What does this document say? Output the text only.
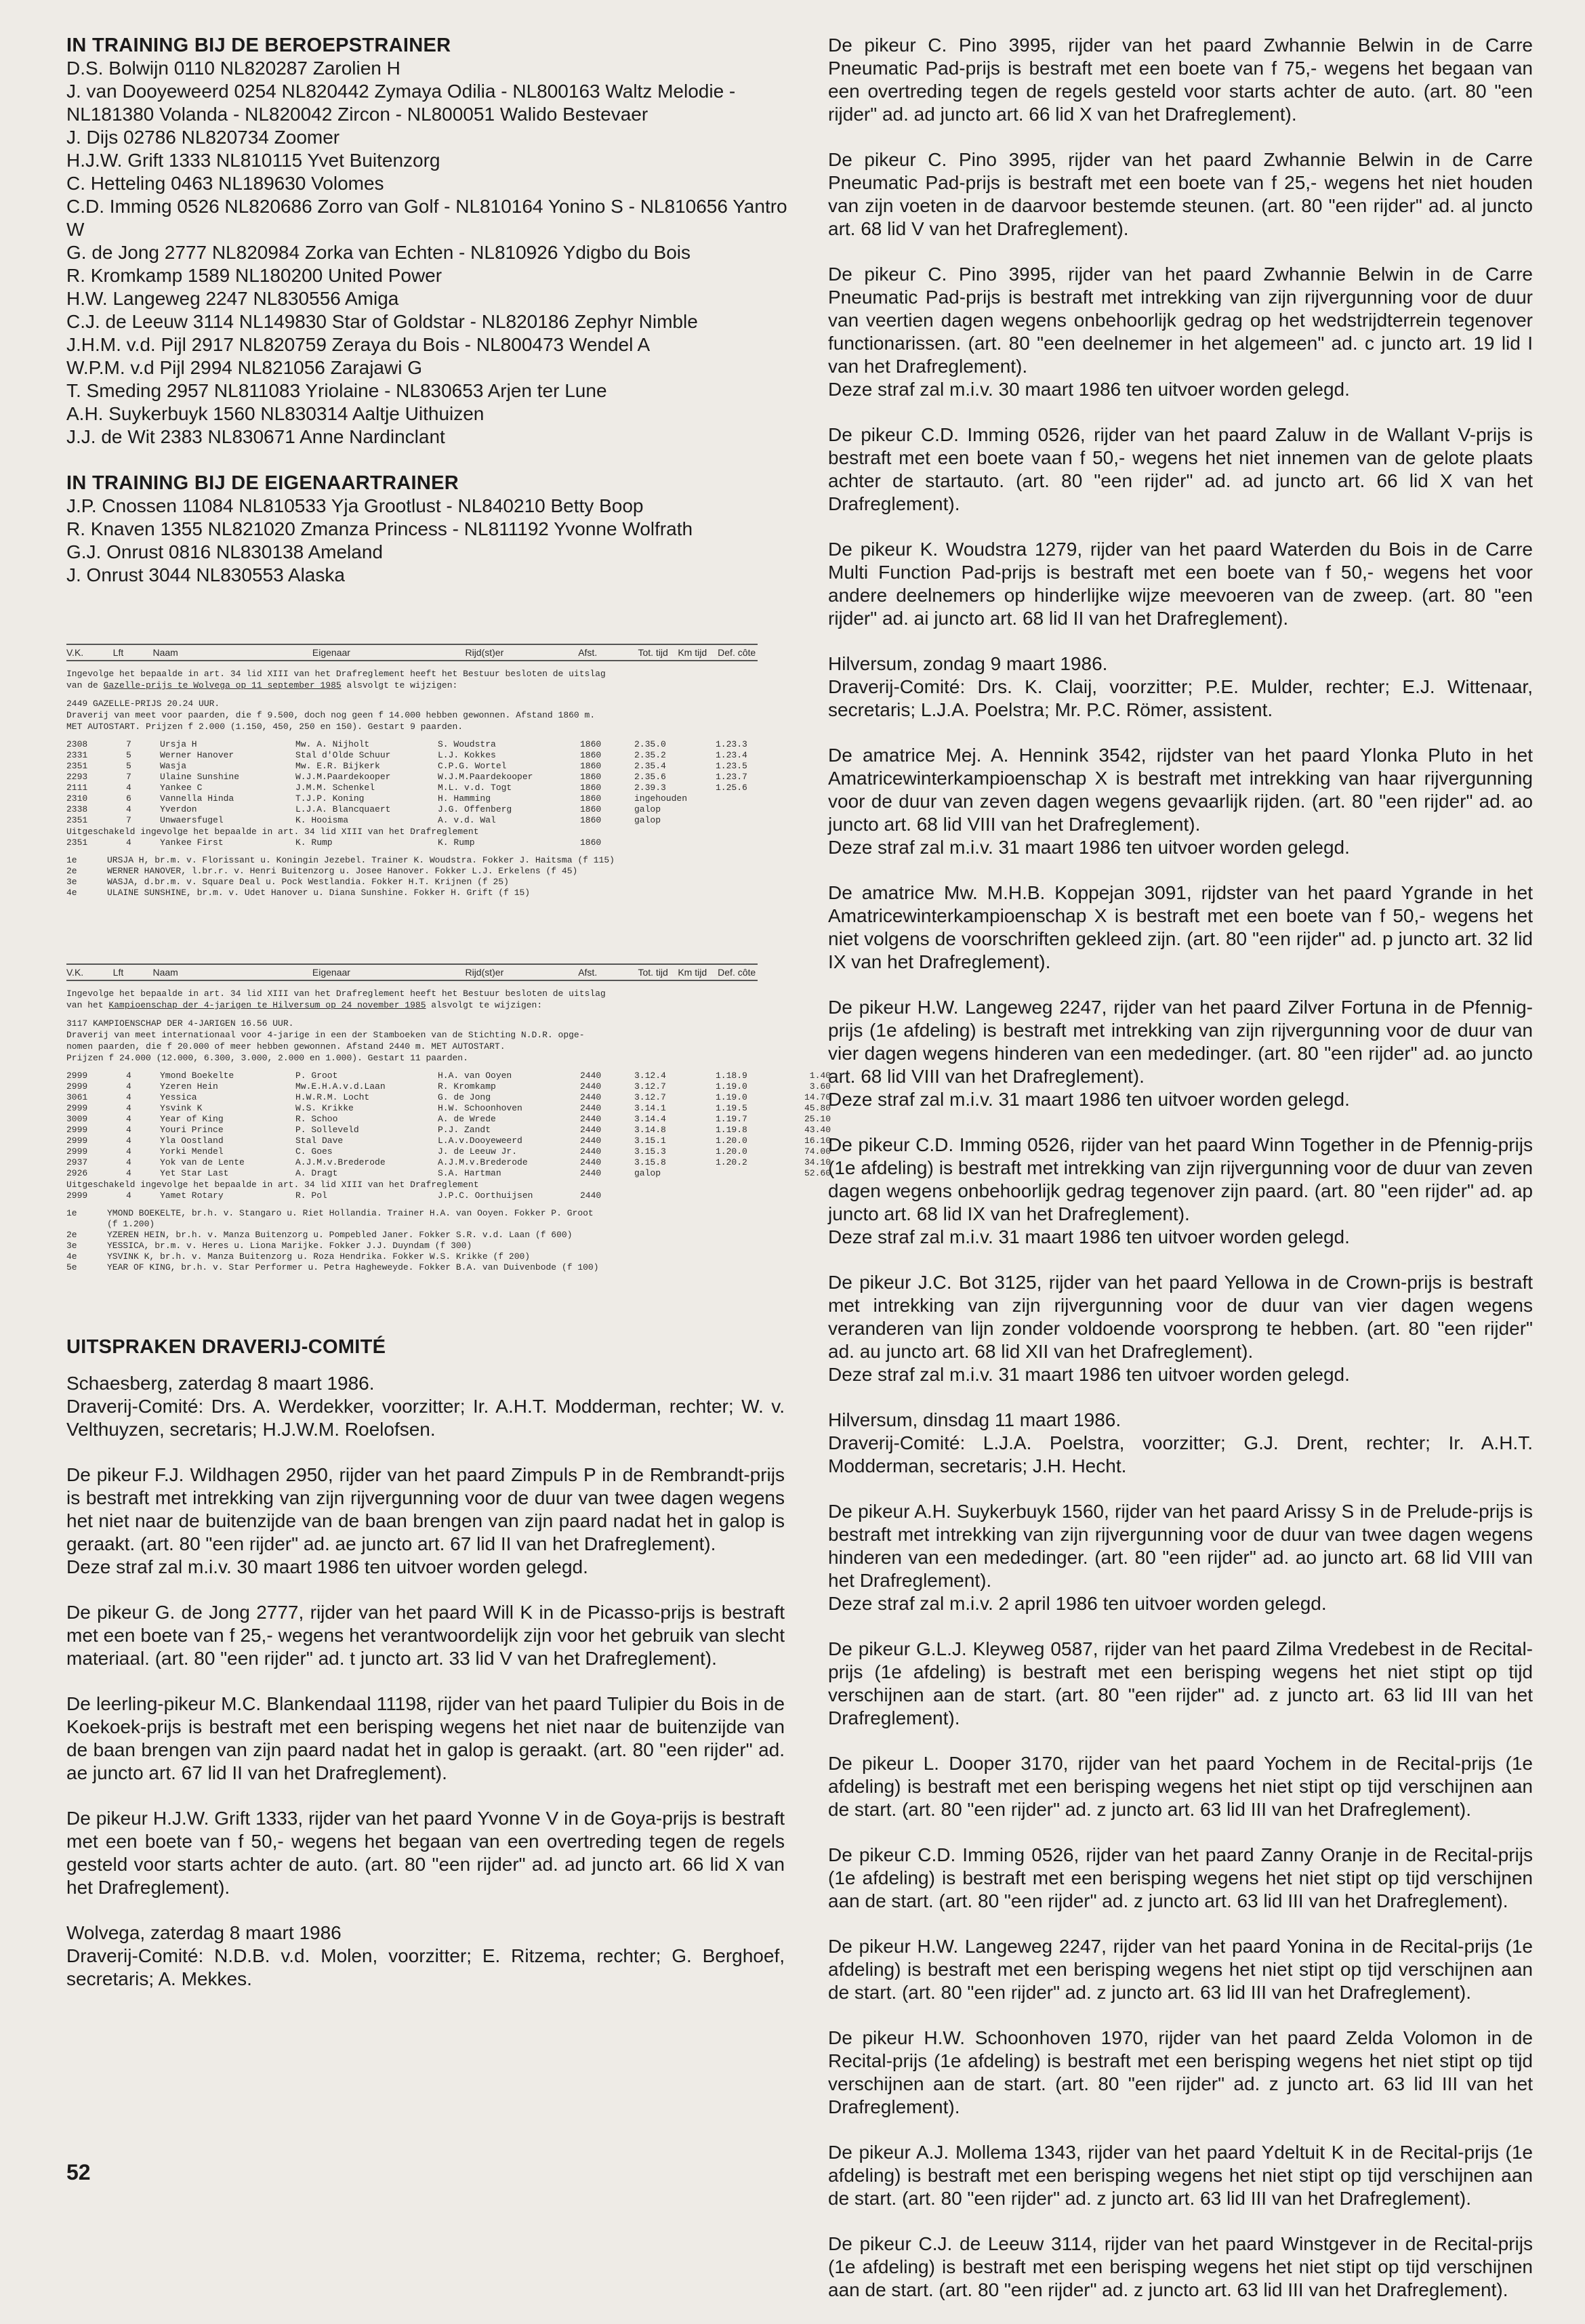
IN TRAINING BIJ DE BEROEPSTRAINER
D.S. Bolwijn 0110 NL820287 Zarolien H
J. van Dooyeweerd 0254 NL820442 Zymaya Odilia - NL800163 Waltz Melodie -
NL181380 Volanda - NL820042 Zircon - NL800051 Walido Bestevaer
J. Dijs 02786 NL820734 Zoomer
H.J.W. Grift 1333 NL810115 Yvet Buitenzorg
C. Hetteling 0463 NL189630 Volomes
C.D. Imming 0526 NL820686 Zorro van Golf - NL810164 Yonino S - NL810656 Yantro
W
G. de Jong 2777 NL820984 Zorka van Echten - NL810926 Ydigbo du Bois
R. Kromkamp 1589 NL180200 United Power
H.W. Langeweg 2247 NL830556 Amiga
C.J. de Leeuw 3114 NL149830 Star of Goldstar - NL820186 Zephyr Nimble
J.H.M. v.d. Pijl 2917 NL820759 Zeraya du Bois - NL800473 Wendel A
W.P.M. v.d Pijl 2994 NL821056 Zarajawi G
T. Smeding 2957 NL811083 Yriolaine - NL830653 Arjen ter Lune
A.H. Suykerbuyk 1560 NL830314 Aaltje Uithuizen
J.J. de Wit 2383 NL830671 Anne Nardinclant
IN TRAINING BIJ DE EIGENAARTRAINER
J.P. Cnossen 11084 NL810533 Yja Grootlust - NL840210 Betty Boop
R. Knaven 1355 NL821020 Zmanza Princess - NL811192 Yvonne Wolfrath
G.J. Onrust 0816 NL830138 Ameland
J. Onrust 3044 NL830553 Alaska
V.K.	Lft	Naam	Eigenaar	Rijd(st)er	Afst.	Tot. tijd	Km tijd	Def. côte

Ingevolge het bepaalde in art. 34 lid XIII van het Drafreglement heeft het Bestuur besloten de uitslag

van de Gazelle-prijs te Wolvega op 11 september 1985 alsvolgt te wijzigen:

2449 GAZELLE-PRIJS 20.24 UUR.

Draverij van meet voor paarden, die f 9.500, doch nog geen f 14.000 hebben gewonnen. Afstand 1860 m.

MET AUTOSTART. Prijzen f 2.000 (1.150, 450, 250 en 150). Gestart 9 paarden.

2308	7	Ursja H	Mw. A. Nijholt	S. Woudstra	1860	2.35.0	1.23.3
2331	5	Werner Hanover	Stal d'Olde Schuur	L.J. Kokkes	1860	2.35.2	1.23.4
2351	5	Wasja	Mw. E.R. Bijkerk	C.P.G. Wortel	1860	2.35.4	1.23.5
2293	7	Ulaine Sunshine	W.J.M.Paardekooper	W.J.M.Paardekooper	1860	2.35.6	1.23.7
2111	4	Yankee C	J.M.M. Schenkel	M.L. v.d. Togt	1860	2.39.3	1.25.6
2310	6	Vannella Hinda	T.J.P. Koning	H. Hamming	1860	ingehouden
2338	4	Yverdon	L.J.A. Blancquaert	J.G. Offenberg	1860	galop
2351	7	Unwaersfugel	K. Hooisma	A. v.d. Wal	1860	galop

Uitgeschakeld ingevolge het bepaalde in art. 34 lid XIII van het Drafreglement

2351	4	Yankee First	K. Rump	K. Rump	1860
1e	URSJA H, br.m. v. Florissant u. Koningin Jezebel. Trainer K. Woudstra. Fokker J. Haitsma (f 115)
2e	WERNER HANOVER, l.br.r. v. Henri Buitenzorg u. Josee Hanover. Fokker L.J. Erkelens (f 45)
3e	WASJA, d.br.m. v. Square Deal u. Pock Westlandia. Fokker H.T. Krijnen (f 25)
4e	ULAINE SUNSHINE, br.m. v. Udet Hanover u. Diana Sunshine. Fokker H. Grift (f 15)
V.K.	Lft	Naam	Eigenaar	Rijd(st)er	Afst.	Tot. tijd	Km tijd	Def. côte

Ingevolge het bepaalde in art. 34 lid XIII van het Drafreglement heeft het Bestuur besloten de uitslag

van het Kampioenschap der 4-jarigen te Hilversum op 24 november 1985 alsvolgt te wijzigen:

3117 KAMPIOENSCHAP DER 4-JARIGEN 16.56 UUR.

Draverij van meet internationaal voor 4-jarige in een der Stamboeken van de Stichting N.D.R. opge-

nomen paarden, die f 20.000 of meer hebben gewonnen. Afstand 2440 m. MET AUTOSTART.

Prijzen f 24.000 (12.000, 6.300, 3.000, 2.000 en 1.000). Gestart 11 paarden.

2999	4	Ymond Boekelte	P. Groot	H.A. van Ooyen	2440	3.12.4	1.18.9	1.40
2999	4	Yzeren Hein	Mw.E.H.A.v.d.Laan	R. Kromkamp	2440	3.12.7	1.19.0	3.60
3061	4	Yessica	H.W.R.M. Locht	G. de Jong	2440	3.12.7	1.19.0	14.70
2999	4	Ysvink K	W.S. Krikke	H.W. Schoonhoven	2440	3.14.1	1.19.5	45.80
3009	4	Year of King	R. Schoo	A. de Wrede	2440	3.14.4	1.19.7	25.10
2999	4	Youri Prince	P. Solleveld	P.J. Zandt	2440	3.14.8	1.19.8	43.40
2999	4	Yla Oostland	Stal Dave	L.A.v.Dooyeweerd	2440	3.15.1	1.20.0	16.10
2999	4	Yorki Mendel	C. Goes	J. de Leeuw Jr.	2440	3.15.3	1.20.0	74.00
2937	4	Yok van de Lente	A.J.M.v.Brederode	A.J.M.v.Brederode	2440	3.15.8	1.20.2	34.10
2926	4	Yet Star Last	A. Dragt	S.A. Hartman	2440	galop	52.60

Uitgeschakeld ingevolge het bepaalde in art. 34 lid XIII van het Drafreglement

2999	4	Yamet Rotary	R. Pol	J.P.C. Oorthuijsen	2440
1e	YMOND BOEKELTE, br.h. v. Stangaro u. Riet Hollandia. Trainer H.A. van Ooyen. Fokker P. Groot
(f 1.200)
2e	YZEREN HEIN, br.h. v. Manza Buitenzorg u. Pompebled Janer. Fokker S.R. v.d. Laan (f 600)
3e	YESSICA, br.m. v. Heres u. Liona Marijke. Fokker J.J. Duyndam (f 300)
4e	YSVINK K, br.h. v. Manza Buitenzorg u. Roza Hendrika. Fokker W.S. Krikke (f 200)
5e	YEAR OF KING, br.h. v. Star Performer u. Petra Hagheweyde. Fokker B.A. van Duivenbode (f 100)
UITSPRAKEN DRAVERIJ-COMITÉ

Schaesberg, zaterdag 8 maart 1986.

Draverij-Comité: Drs. A. Werdekker, voorzitter; Ir. A.H.T. Modderman, rechter; W. v. Velthuyzen, secretaris; H.J.W.M. Roelofsen.

De pikeur F.J. Wildhagen 2950, rijder van het paard Zimpuls P in de Rembrandt-prijs is bestraft met intrekking van zijn rijvergunning voor de duur van twee dagen wegens het niet naar de buitenzijde van de baan brengen van zijn paard nadat het in galop is geraakt. (art. 80 "een rijder" ad. ae juncto art. 67 lid II van het Drafreglement).
Deze straf zal m.i.v. 30 maart 1986 ten uitvoer worden gelegd.

De pikeur G. de Jong 2777, rijder van het paard Will K in de Picasso-prijs is bestraft met een boete van f 25,- wegens het verantwoordelijk zijn voor het gebruik van slecht materiaal. (art. 80 "een rijder" ad. t juncto art. 33 lid V van het Drafreglement).

De leerling-pikeur M.C. Blankendaal 11198, rijder van het paard Tulipier du Bois in de Koekoek-prijs is bestraft met een berisping wegens het niet naar de buitenzijde van de baan brengen van zijn paard nadat het in galop is geraakt. (art. 80 "een rijder" ad. ae juncto art. 67 lid II van het Drafreglement).

De pikeur H.J.W. Grift 1333, rijder van het paard Yvonne V in de Goya-prijs is bestraft met een boete van f 50,- wegens het begaan van een overtreding tegen de regels gesteld voor starts achter de auto. (art. 80 "een rijder" ad. ad juncto art. 66 lid X van het Drafreglement).

Wolvega, zaterdag 8 maart 1986

Draverij-Comité: N.D.B. v.d. Molen, voorzitter; E. Ritzema, rechter; G. Berghoef, secretaris; A. Mekkes.

De pikeur C. Pino 3995, rijder van het paard Zwhannie Belwin in de Carre Pneumatic Pad-prijs is bestraft met een boete van f 75,- wegens het begaan van een overtreding tegen de regels gesteld voor starts achter de auto. (art. 80 "een rijder" ad. ad juncto art. 66 lid X van het Drafreglement).

De pikeur C. Pino 3995, rijder van het paard Zwhannie Belwin in de Carre Pneumatic Pad-prijs is bestraft met een boete van f 25,- wegens het niet houden van zijn voeten in de daarvoor bestemde steunen. (art. 80 "een rijder" ad. al juncto art. 68 lid V van het Drafreglement).

De pikeur C. Pino 3995, rijder van het paard Zwhannie Belwin in de Carre Pneumatic Pad-prijs is bestraft met intrekking van zijn rijvergunning voor de duur van veertien dagen wegens onbehoorlijk gedrag op het wedstrijdterrein tegenover functionarissen. (art. 80 "een deelnemer in het algemeen" ad. c juncto art. 19 lid I van het Drafreglement).
Deze straf zal m.i.v. 30 maart 1986 ten uitvoer worden gelegd.

De pikeur C.D. Imming 0526, rijder van het paard Zaluw in de Wallant V-prijs is bestraft met een boete vaan f 50,- wegens het niet innemen van de gelote plaats achter de startauto. (art. 80 "een rijder" ad. ad juncto art. 66 lid X van het Drafreglement).

De pikeur K. Woudstra 1279, rijder van het paard Waterden du Bois in de Carre Multi Function Pad-prijs is bestraft met een boete van f 50,- wegens het voor andere deelnemers op hinderlijke wijze meevoeren van de zweep. (art. 80 "een rijder" ad. ai juncto art. 68 lid II van het Drafreglement).

Hilversum, zondag 9 maart 1986.

Draverij-Comité: Drs. K. Claij, voorzitter; P.E. Mulder, rechter; E.J. Wittenaar, secretaris; L.J.A. Poelstra; Mr. P.C. Römer, assistent.

De amatrice Mej. A. Hennink 3542, rijdster van het paard Ylonka Pluto in het Amatricewinterkampioenschap X is bestraft met intrekking van haar rijvergunning voor de duur van zeven dagen wegens gevaarlijk rijden. (art. 80 "een rijder" ad. ao juncto art. 68 lid VIII van het Drafreglement).
Deze straf zal m.i.v. 31 maart 1986 ten uitvoer worden gelegd.

De amatrice Mw. M.H.B. Koppejan 3091, rijdster van het paard Ygrande in het Amatricewinterkampioenschap X is bestraft met een boete van f 50,- wegens het niet volgens de voorschriften gekleed zijn. (art. 80 "een rijder" ad. p juncto art. 32 lid IX van het Drafreglement).

De pikeur H.W. Langeweg 2247, rijder van het paard Zilver Fortuna in de Pfennig-prijs (1e afdeling) is bestraft met intrekking van zijn rijvergunning voor de duur van vier dagen wegens hinderen van een mededinger. (art. 80 "een rijder" ad. ao juncto art. 68 lid VIII van het Drafreglement).
Deze straf zal m.i.v. 31 maart 1986 ten uitvoer worden gelegd.

De pikeur C.D. Imming 0526, rijder van het paard Winn Together in de Pfennig-prijs (1e afdeling) is bestraft met intrekking van zijn rijvergunning voor de duur van zeven dagen wegens onbehoorlijk gedrag tegenover zijn paard. (art. 80 "een rijder" ad. ap juncto art. 68 lid IX van het Drafreglement).
Deze straf zal m.i.v. 31 maart 1986 ten uitvoer worden gelegd.

De pikeur J.C. Bot 3125, rijder van het paard Yellowa in de Crown-prijs is bestraft met intrekking van zijn rijvergunning voor de duur van vier dagen wegens veranderen van lijn zonder voldoende voorsprong te hebben. (art. 80 "een rijder" ad. au juncto art. 68 lid XII van het Drafreglement).
Deze straf zal m.i.v. 31 maart 1986 ten uitvoer worden gelegd.

Hilversum, dinsdag 11 maart 1986.

Draverij-Comité: L.J.A. Poelstra, voorzitter; G.J. Drent, rechter; Ir. A.H.T. Modderman, secretaris; J.H. Hecht.

De pikeur A.H. Suykerbuyk 1560, rijder van het paard Arissy S in de Prelude-prijs is bestraft met intrekking van zijn rijvergunning voor de duur van twee dagen wegens hinderen van een mededinger. (art. 80 "een rijder" ad. ao juncto art. 68 lid VIII van het Drafreglement).
Deze straf zal m.i.v. 2 april 1986 ten uitvoer worden gelegd.

De pikeur G.L.J. Kleyweg 0587, rijder van het paard Zilma Vredebest in de Recital-prijs (1e afdeling) is bestraft met een berisping wegens het niet stipt op tijd verschijnen aan de start. (art. 80 "een rijder" ad. z juncto art. 63 lid III van het Drafreglement).

De pikeur L. Dooper 3170, rijder van het paard Yochem in de Recital-prijs (1e afdeling) is bestraft met een berisping wegens het niet stipt op tijd verschijnen aan de start. (art. 80 "een rijder" ad. z juncto art. 63 lid III van het Drafreglement).

De pikeur C.D. Imming 0526, rijder van het paard Zanny Oranje in de Recital-prijs (1e afdeling) is bestraft met een berisping wegens het niet stipt op tijd verschijnen aan de start. (art. 80 "een rijder" ad. z juncto art. 63 lid III van het Drafreglement).

De pikeur H.W. Langeweg 2247, rijder van het paard Yonina in de Recital-prijs (1e afdeling) is bestraft met een berisping wegens het niet stipt op tijd verschijnen aan de start. (art. 80 "een rijder" ad. z juncto art. 63 lid III van het Drafreglement).

De pikeur H.W. Schoonhoven 1970, rijder van het paard Zelda Volomon in de Recital-prijs (1e afdeling) is bestraft met een berisping wegens het niet stipt op tijd verschijnen aan de start. (art. 80 "een rijder" ad. z juncto art. 63 lid III van het Drafreglement).

De pikeur A.J. Mollema 1343, rijder van het paard Ydeltuit K in de Recital-prijs (1e afdeling) is bestraft met een berisping wegens het niet stipt op tijd verschijnen aan de start. (art. 80 "een rijder" ad. z juncto art. 63 lid III van het Drafreglement).

De pikeur C.J. de Leeuw 3114, rijder van het paard Winstgever in de Recital-prijs (1e afdeling) is bestraft met een berisping wegens het niet stipt op tijd verschijnen aan de start. (art. 80 "een rijder" ad. z juncto art. 63 lid III van het Drafreglement).

52
